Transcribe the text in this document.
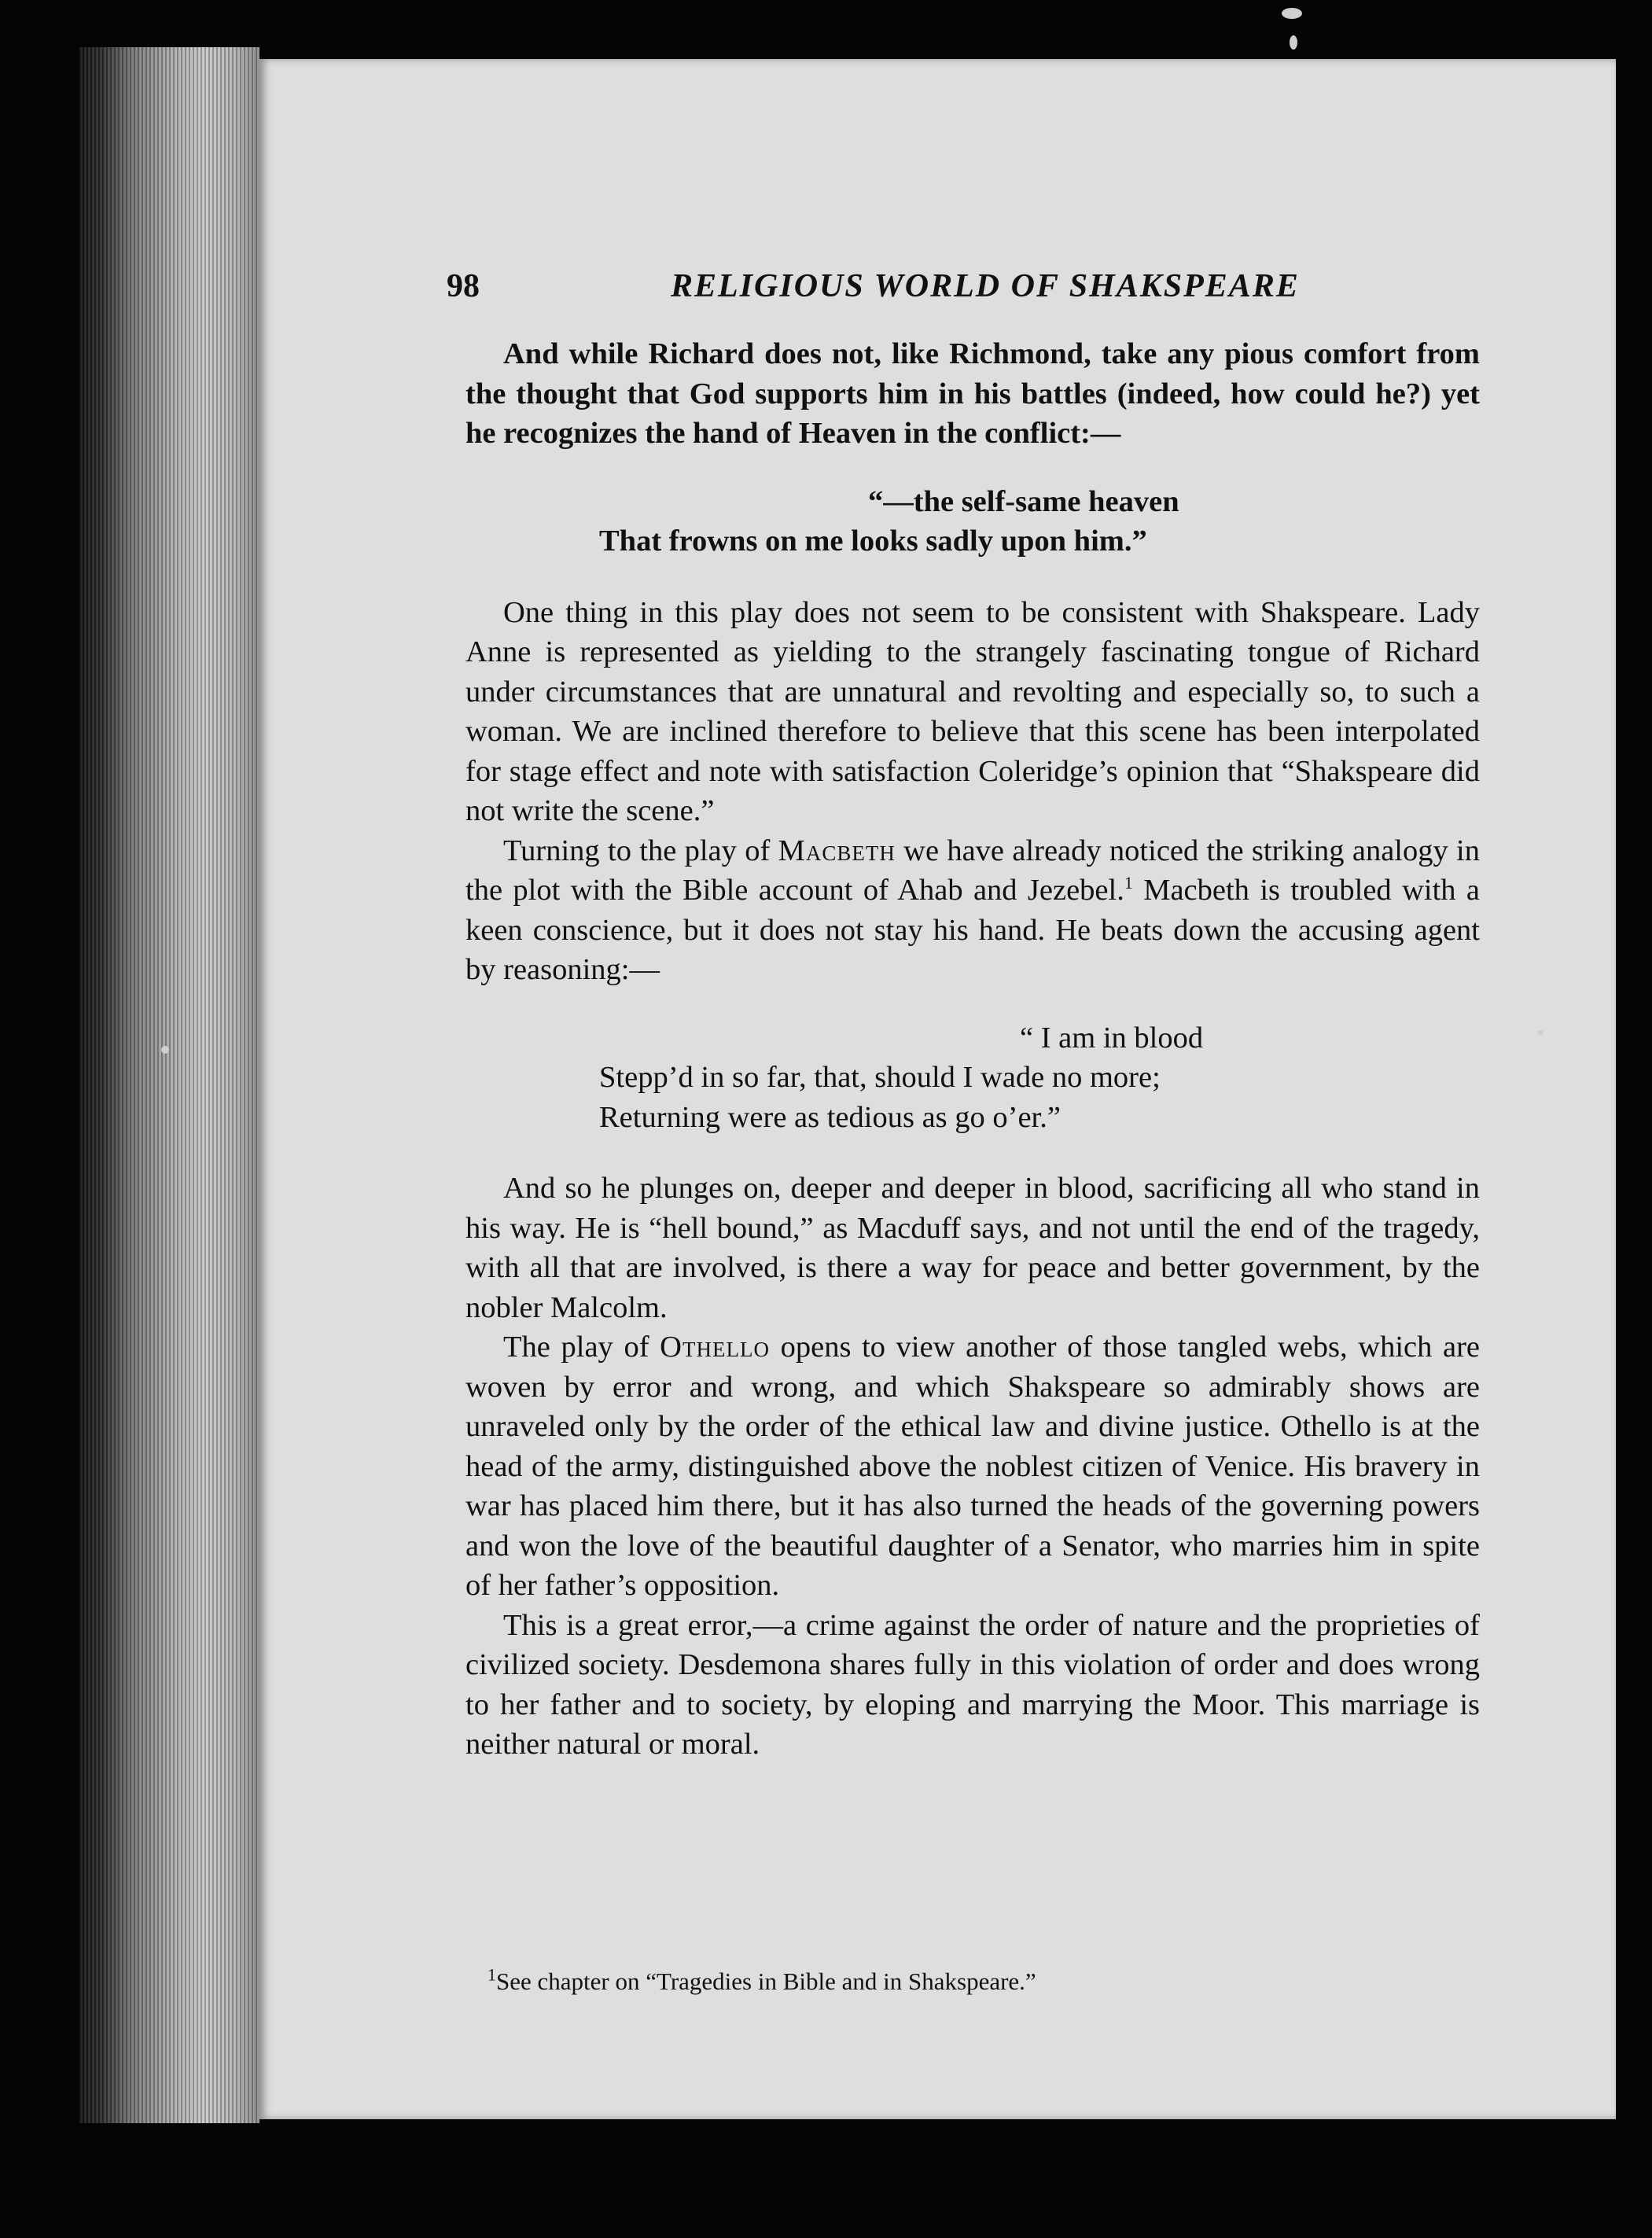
RELIGIOUS WORLD OF SHAKSPEARE
98

And while Richard does not, like Richmond, take any pious comfort from the thought that God supports him in his battles (indeed, how could he?) yet he recognizes the hand of Heaven in the conflict:—

“—the self-same heaven
That frowns on me looks sadly upon him.”

One thing in this play does not seem to be consistent with Shakspeare. Lady Anne is represented as yielding to the strangely fascinating tongue of Richard under circumstances that are unnatural and revolting and especially so, to such a woman. We are inclined therefore to believe that this scene has been interpolated for stage effect and note with satisfaction Coleridge’s opinion that “Shakspeare did not write the scene.”

Turning to the play of Macbeth we have already noticed the striking analogy in the plot with the Bible account of Ahab and Jezebel.$^1$ Macbeth is troubled with a keen conscience, but it does not stay his hand. He beats down the accusing agent by reasoning:—

“ I am in blood
Stepp’d in so far, that, should I wade no more;
Returning were as tedious as go o’er.”

And so he plunges on, deeper and deeper in blood, sacrificing all who stand in his way. He is “hell bound,” as Macduff says, and not until the end of the tragedy, with all that are involved, is there a way for peace and better government, by the nobler Malcolm.

The play of Othello opens to view another of those tangled webs, which are woven by error and wrong, and which Shakspeare so admirably shows are unraveled only by the order of the ethical law and divine justice. Othello is at the head of the army, distinguished above the noblest citizen of Venice. His bravery in war has placed him there, but it has also turned the heads of the governing powers and won the love of the beautiful daughter of a Senator, who marries him in spite of her father’s opposition.

This is a great error,—a crime against the order of nature and the proprieties of civilized society. Desdemona shares fully in this violation of order and does wrong to her father and to society, by eloping and marrying the Moor. This marriage is neither natural or moral.

$^1$See chapter on “Tragedies in Bible and in Shakspeare.”
